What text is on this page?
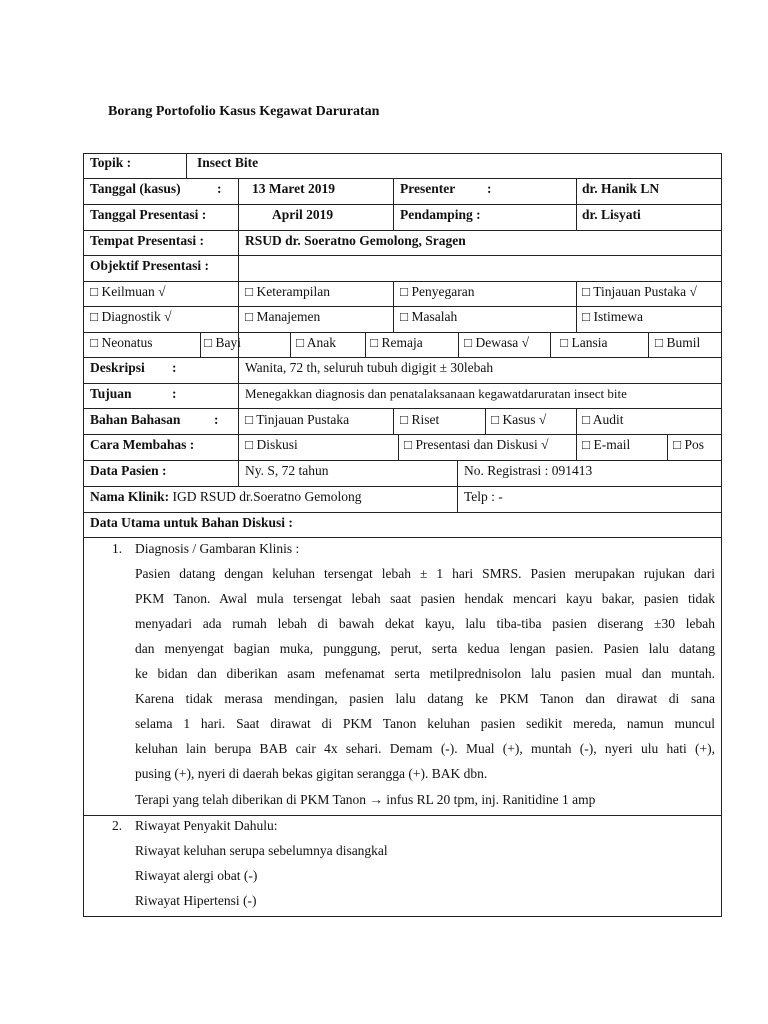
Borang Portofolio Kasus Kegawat Daruratan
Topik :	Insect Bite
Tanggal (kasus)	: 13 Maret 2019	Presenter :	dr. Hanik LN
Tanggal Presentasi :	April 2019	Pendamping :	dr. Lisyati
Tempat Presentasi :	RSUD dr. Soeratno Gemolong, Sragen
Objektif Presentasi :
□ Keilmuan √	□ Keterampilan	□ Penyegaran	□ Tinjauan Pustaka √
□ Diagnostik √	□ Manajemen	□ Masalah	□ Istimewa
□ Neonatus	□ Bayi	□ Anak	□ Remaja	□ Dewasa √ □ Lansia	□ Bumil
Deskripsi :	Wanita, 72 th, seluruh tubuh digigit ± 30lebah
Tujuan	:	Menegakkan diagnosis dan penatalaksanaan kegawatdaruratan insect bite
Bahan Bahasan : □ Tinjauan Pustaka	□ Riset	□ Kasus √	□ Audit
Cara Membahas :	□ Diskusi	□ Presentasi dan Diskusi √ □ E-mail	□ Pos
Data Pasien :	Ny. S, 72 tahun	No. Registrasi : 091413
Nama Klinik: IGD RSUD dr.Soeratno Gemolong	Telp : -
Data Utama untuk Bahan Diskusi :
1. Diagnosis / Gambaran Klinis :
Pasien datang dengan keluhan tersengat lebah ± 1 hari SMRS. Pasien merupakan rujukan dari
PKM Tanon. Awal mula tersengat lebah saat pasien hendak mencari kayu bakar, pasien tidak
menyadari ada rumah lebah di bawah dekat kayu, lalu tiba-tiba pasien diserang ±30 lebah
dan menyengat bagian muka, punggung, perut, serta kedua lengan pasien. Pasien lalu datang
ke bidan dan diberikan asam mefenamat serta metilprednisolon lalu pasien mual dan muntah.
Karena tidak merasa mendingan, pasien lalu datang ke PKM Tanon dan dirawat di sana
selama 1 hari. Saat dirawat di PKM Tanon keluhan pasien sedikit mereda, namun muncul
keluhan lain berupa BAB cair 4x sehari. Demam (-). Mual (+), muntah (-), nyeri ulu hati (+),
pusing (+), nyeri di daerah bekas gigitan serangga (+). BAK dbn.
Terapi yang telah diberikan di PKM Tanon → infus RL 20 tpm, inj. Ranitidine 1 amp
2. Riwayat Penyakit Dahulu:
Riwayat keluhan serupa sebelumnya disangkal
Riwayat alergi obat (-)
Riwayat Hipertensi (-)
